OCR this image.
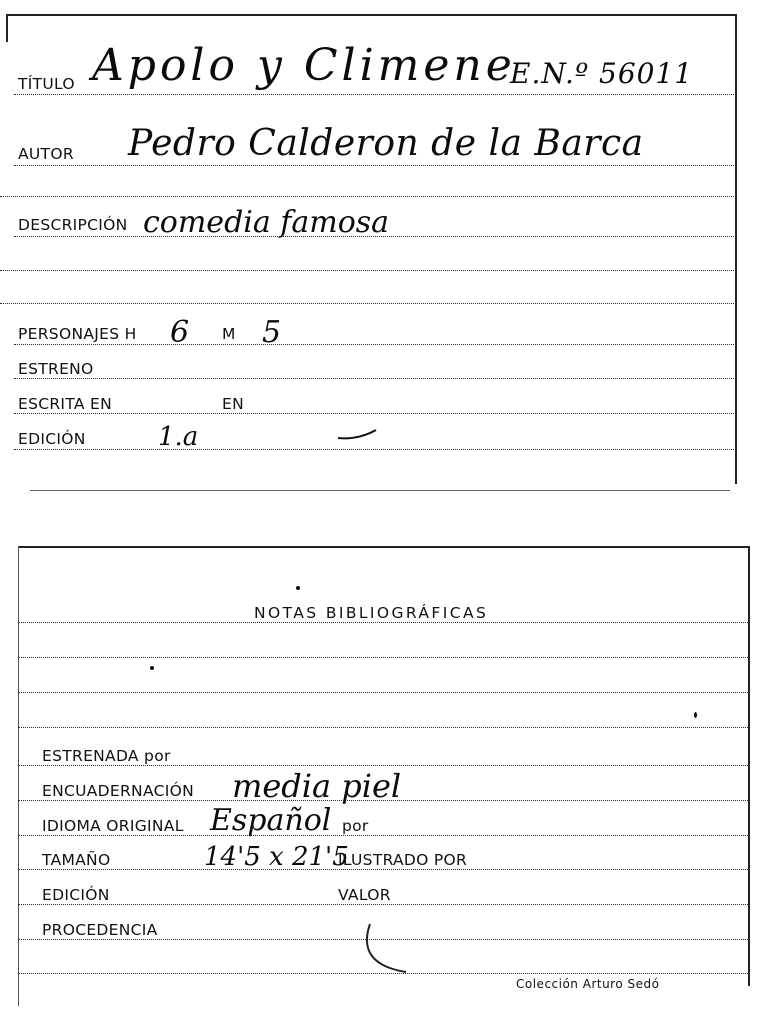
TÍTULO Apolo y Climene
E.N.º 56011
AUTOR Pedro Calderon de la Barca
DESCRIPCIÓN comedia famosa
PERSONAJES H 6 M 5
ESTRENO
ESCRITA EN	EN
EDICIÓN	1.a
NOTAS BIBLIOGRÁFICAS
ESTRENADA por
ENCUADERNACIÓN media piel
IDIOMA ORIGINAL Español por
TAMAÑO	14'5 x 21'5
ILUSTRADO POR
EDICIÓN	VALOR
PROCEDENCIA
Colección Arturo Sedó
